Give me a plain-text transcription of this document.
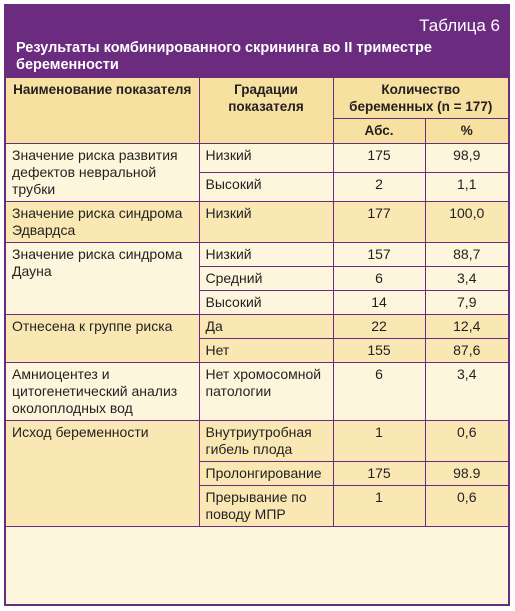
Таблица 6
Результаты комбинированного скрининга во II триместре беременности
Наименование показателя	Градации показателя	Количество беременных (n = 177)	
		Абс.	%
Значение риска развития дефектов невральной трубки	Низкий	175	98,9
	Высокий	2	1,1
Значение риска синдрома Эдвардса	Низкий	177	100,0
Значение риска синдрома Дауна	Низкий	157	88,7
	Средний	6	3,4
	Высокий	14	7,9
Отнесена к группе риска	Да	22	12,4
	Нет	155	87,6
Амниоцентез и цитогенетический анализ околоплодных вод	Нет хромосомной патологии	6	3,4
Исход беременности	Внутриутробная гибель плода	1	0,6
	Пролонгирование	175	98.9
	Прерывание по поводу МПР	1	0,6
